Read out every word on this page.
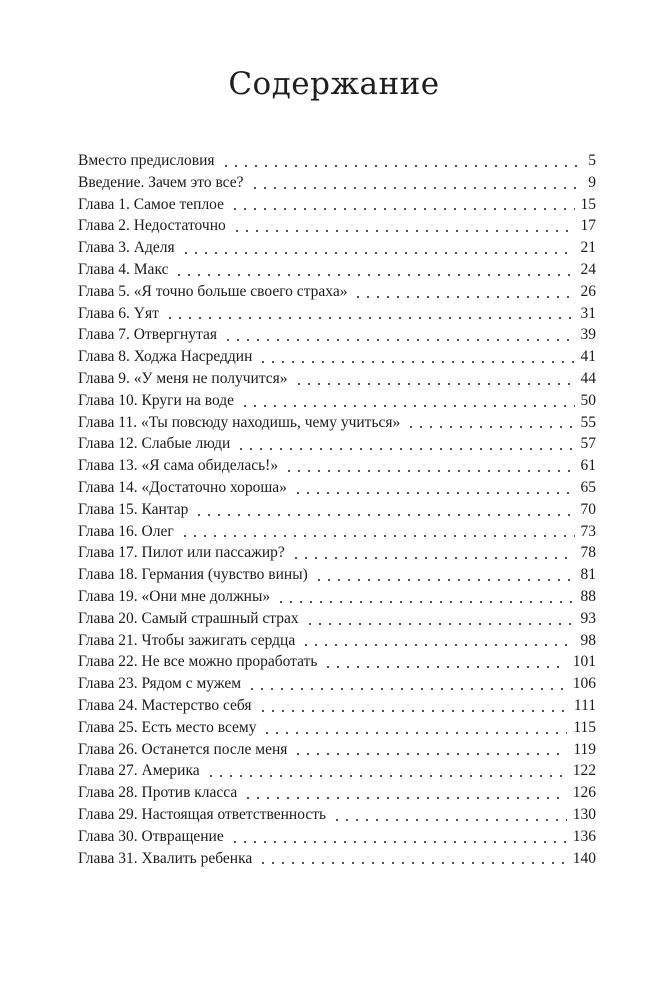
Содержание
Вместо предисловия	5
Введение. Зачем это все?	9
Глава 1. Самое теплое	15
Глава 2. Недостаточно	17
Глава 3. Аделя	21
Глава 4. Макс	24
Глава 5. «Я точно больше своего страха»	26
Глава 6. Yят	31
Глава 7. Отвергнутая	39
Глава 8. Ходжа Насреддин	41
Глава 9. «У меня не получится»	44
Глава 10. Круги на воде	50
Глава 11. «Ты повсюду находишь, чему учиться»	55
Глава 12. Слабые люди	57
Глава 13. «Я сама обиделась!»	61
Глава 14. «Достаточно хороша»	65
Глава 15. Кантар	70
Глава 16. Олег	73
Глава 17. Пилот или пассажир?	78
Глава 18. Германия (чувство вины)	81
Глава 19. «Они мне должны»	88
Глава 20. Самый страшный страх	93
Глава 21. Чтобы зажигать сердца	98
Глава 22. Не все можно проработать	101
Глава 23. Рядом с мужем	106
Глава 24. Мастерство себя	111
Глава 25. Есть место всему	115
Глава 26. Останется после меня	119
Глава 27. Америка	122
Глава 28. Против класса	126
Глава 29. Настоящая ответственность	130
Глава 30. Отвращение	136
Глава 31. Хвалить ребенка	140
